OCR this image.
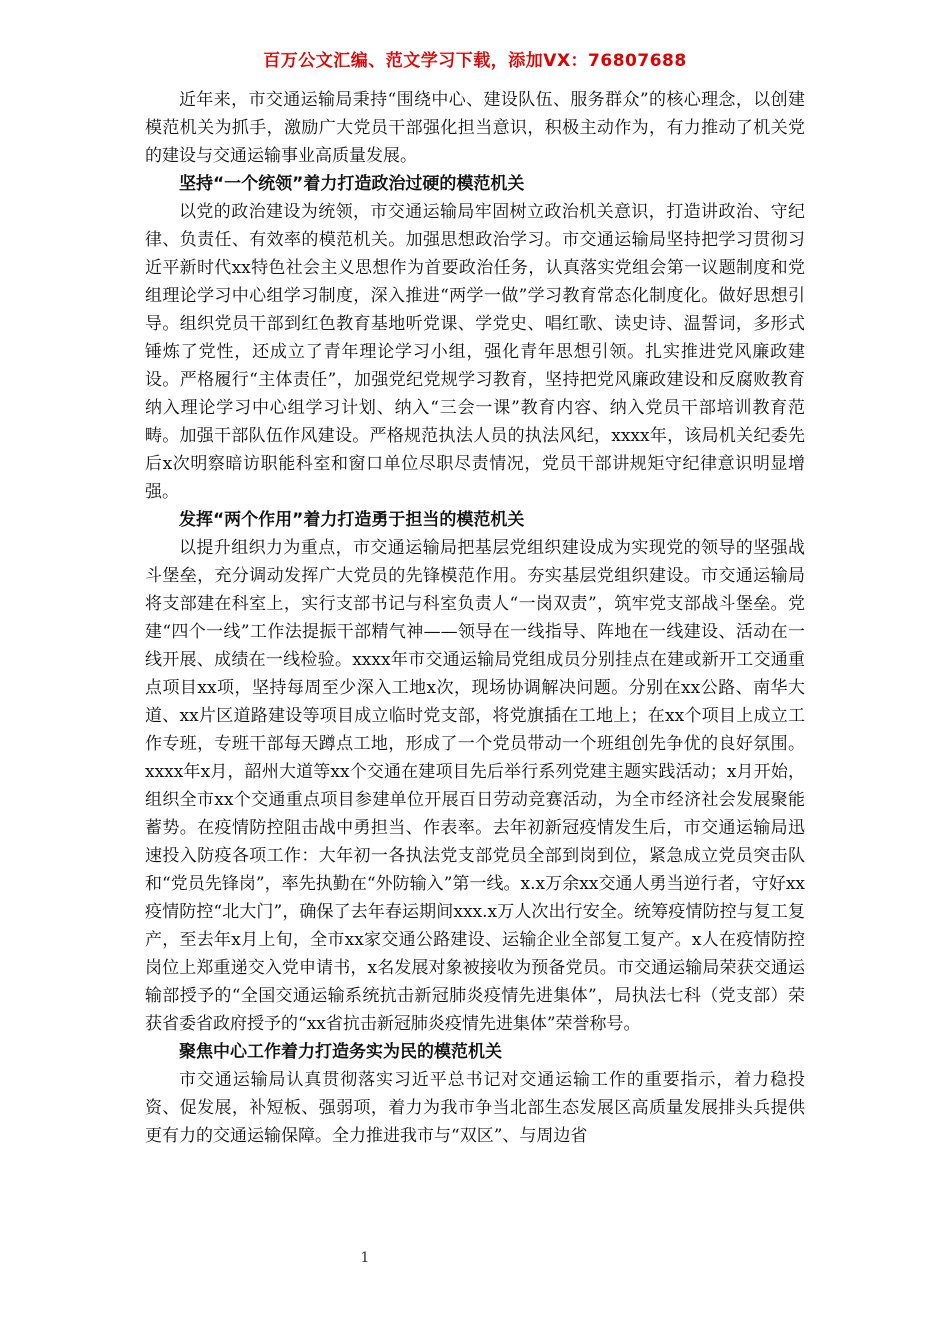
百万公文汇编、范文学习下载，添加VX：76807688

近年来，市交通运输局秉持“围绕中心、建设队伍、服务群众”的核心理念，以创建模范机关为抓手，激励广大党员干部强化担当意识，积极主动作为，有力推动了机关党的建设与交通运输事业高质量发展。

坚持“一个统领”着力打造政治过硬的模范机关

以党的政治建设为统领，市交通运输局牢固树立政治机关意识，打造讲政治、守纪律、负责任、有效率的模范机关。加强思想政治学习。市交通运输局坚持把学习贯彻习近平新时代xx特色社会主义思想作为首要政治任务，认真落实党组会第一议题制度和党组理论学习中心组学习制度，深入推进“两学一做”学习教育常态化制度化。做好思想引导。组织党员干部到红色教育基地听党课、学党史、唱红歌、读史诗、温誓词，多形式锤炼了党性，还成立了青年理论学习小组，强化青年思想引领。扎实推进党风廉政建设。严格履行“主体责任”，加强党纪党规学习教育，坚持把党风廉政建设和反腐败教育纳入理论学习中心组学习计划、纳入“三会一课”教育内容、纳入党员干部培训教育范畴。加强干部队伍作风建设。严格规范执法人员的执法风纪，xxxx年，该局机关纪委先后x次明察暗访职能科室和窗口单位尽职尽责情况，党员干部讲规矩守纪律意识明显增强。

发挥“两个作用”着力打造勇于担当的模范机关

以提升组织力为重点，市交通运输局把基层党组织建设成为实现党的领导的坚强战斗堡垒，充分调动发挥广大党员的先锋模范作用。夯实基层党组织建设。市交通运输局将支部建在科室上，实行支部书记与科室负责人“一岗双责”，筑牢党支部战斗堡垒。党建“四个一线”工作法提振干部精气神——领导在一线指导、阵地在一线建设、活动在一线开展、成绩在一线检验。xxxx年市交通运输局党组成员分别挂点在建或新开工交通重点项目xx项，坚持每周至少深入工地x次，现场协调解决问题。分别在xx公路、南华大道、xx片区道路建设等项目成立临时党支部，将党旗插在工地上；在xx个项目上成立工作专班，专班干部每天蹲点工地，形成了一个党员带动一个班组创先争优的良好氛围。xxxx年x月，韶州大道等xx个交通在建项目先后举行系列党建主题实践活动；x月开始，组织全市xx个交通重点项目参建单位开展百日劳动竞赛活动，为全市经济社会发展聚能蓄势。在疫情防控阻击战中勇担当、作表率。去年初新冠疫情发生后，市交通运输局迅速投入防疫各项工作：大年初一各执法党支部党员全部到岗到位，紧急成立党员突击队和“党员先锋岗”，率先执勤在“外防输入”第一线。x.x万余xx交通人勇当逆行者，守好xx疫情防控“北大门”，确保了去年春运期间xxx.x万人次出行安全。统筹疫情防控与复工复产，至去年x月上旬，全市xx家交通公路建设、运输企业全部复工复产。x人在疫情防控岗位上郑重递交入党申请书，x名发展对象被接收为预备党员。市交通运输局荣获交通运输部授予的“全国交通运输系统抗击新冠肺炎疫情先进集体”，局执法七科（党支部）荣获省委省政府授予的“xx省抗击新冠肺炎疫情先进集体”荣誉称号。

聚焦中心工作着力打造务实为民的模范机关

市交通运输局认真贯彻落实习近平总书记对交通运输工作的重要指示，着力稳投资、促发展，补短板、强弱项，着力为我市争当北部生态发展区高质量发展排头兵提供更有力的交通运输保障。全力推进我市与“双区”、与周边省

1
